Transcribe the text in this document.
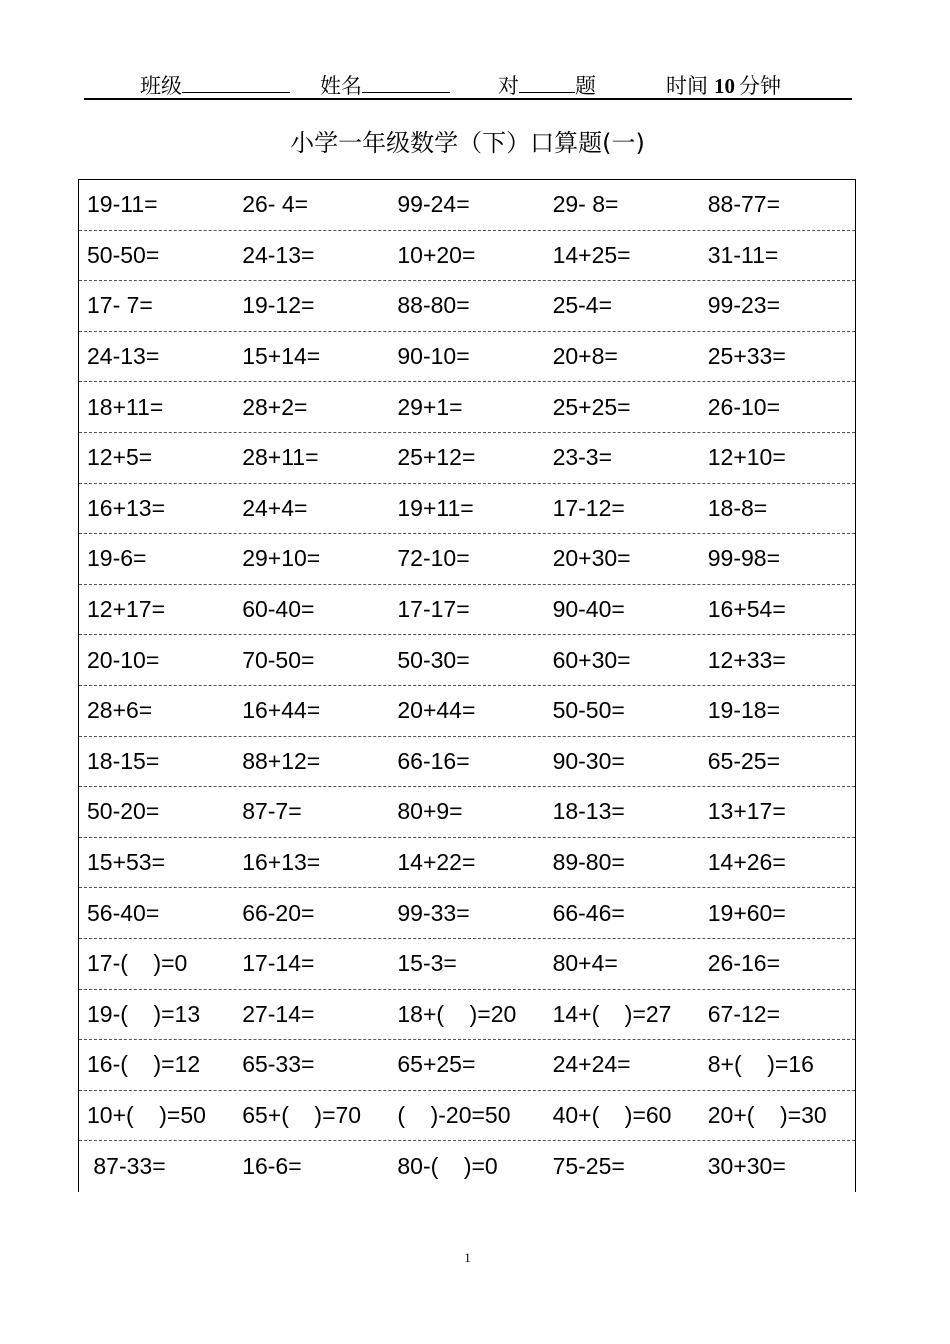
班级	姓名	对	题	时间 10 分钟
小学一年级数学（下）口算题(一)
19-11=	26- 4=	99-24=	29- 8=	88-77=
50-50=	24-13=	10+20=	14+25=	31-11=
17- 7=	19-12=	88-80=	25-4=	99-23=
24-13=	15+14=	90-10=	20+8=	25+33=
18+11=	28+2=	29+1=	25+25=	26-10=
12+5=	28+11=	25+12=	23-3=	12+10=
16+13=	24+4=	19+11=	17-12=	18-8=
19-6=	29+10=	72-10=	20+30=	99-98=
12+17=	60-40=	17-17=	90-40=	16+54=
20-10=	70-50=	50-30=	60+30=	12+33=
28+6=	16+44=	20+44=	50-50=	19-18=
18-15=	88+12=	66-16=	90-30=	65-25=
50-20=	87-7=	80+9=	18-13=	13+17=
15+53=	16+13=	14+22=	89-80=	14+26=
56-40=	66-20=	99-33=	66-46=	19+60=
17-(    )=0	17-14=	15-3=	80+4=	26-16=
19-(    )=13	27-14=	18+(    )=20	14+(    )=27	67-12=
16-(    )=12	65-33=	65+25=	24+24=	8+(    )=16
10+(    )=50	65+(    )=70	(    )-20=50	40+(    )=60	20+(    )=30
87-33=	16-6=	80-(    )=0	75-25=	30+30=
1
